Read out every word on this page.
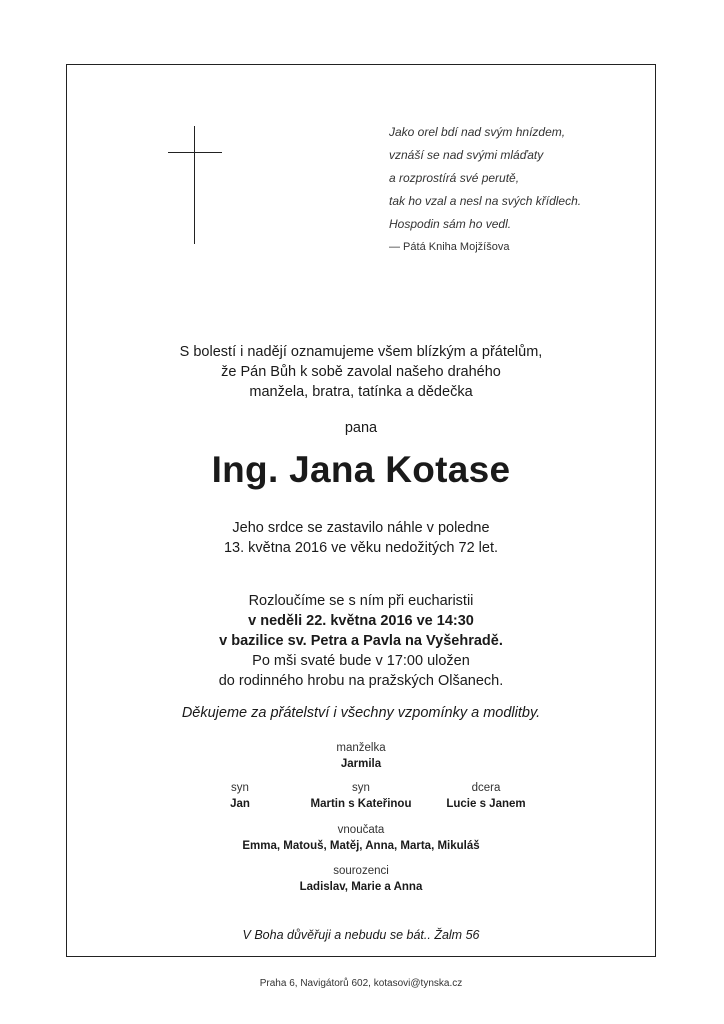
Jako orel bdí nad svým hnízdem,
vznáší se nad svými mláďaty
a rozprostírá své perutě,
tak ho vzal a nesl na svých křídlech.
Hospodin sám ho vedl.
— Pátá Kniha Mojžíšova
S bolestí i nadějí oznamujeme všem blízkým a přátelům,
že Pán Bůh k sobě zavolal našeho drahého
manžela, bratra, tatínka a dědečka
pana
Ing. Jana Kotase
Jeho srdce se zastavilo náhle v poledne
13. května 2016 ve věku nedožitých 72 let.
Rozloučíme se s ním při eucharistii
v neděli 22. května 2016 ve 14:30
v bazilice sv. Petra a Pavla na Vyšehradě.
Po mši svaté bude v 17:00 uložen
do rodinného hrobu na pražských Olšanech.
Děkujeme za přátelství i všechny vzpomínky a modlitby.
manželka
Jarmila
syn
Jan
syn
Martin s Kateřinou
dcera
Lucie s Janem
vnoučata
Emma, Matouš, Matěj, Anna, Marta, Mikuláš
sourozenci
Ladislav, Marie a Anna
V Boha důvěřuji a nebudu se bát.. Žalm 56
Praha 6, Navigátorů 602, kotasovi@tynska.cz
